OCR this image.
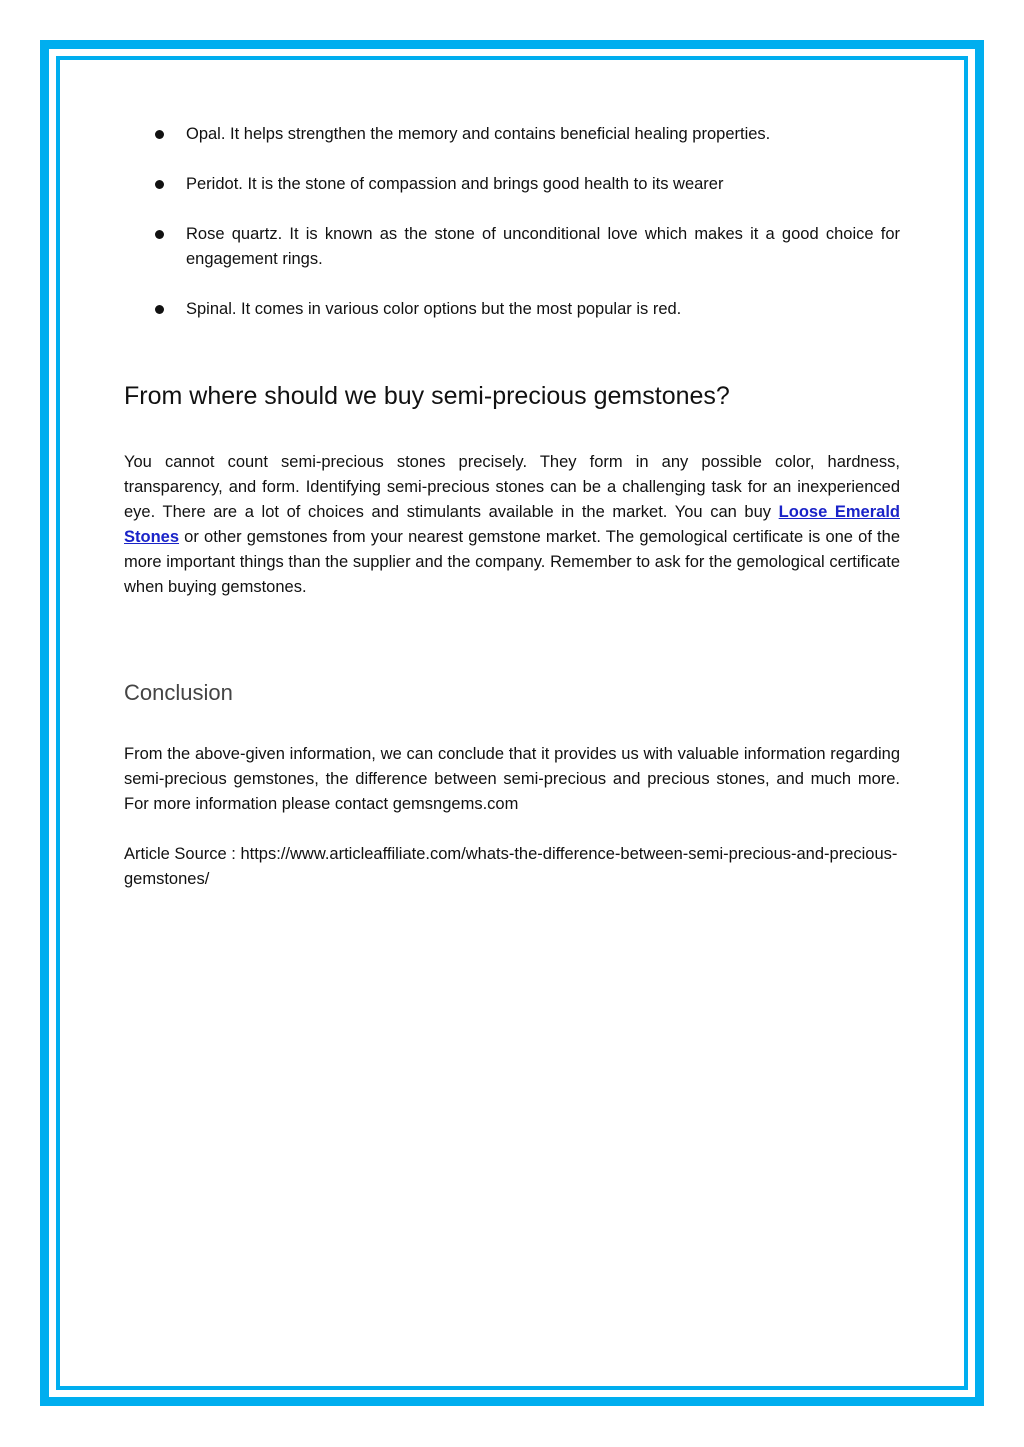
Opal. It helps strengthen the memory and contains beneficial healing properties.
Peridot. It is the stone of compassion and brings good health to its wearer
Rose quartz. It is known as the stone of unconditional love which makes it a good choice for engagement rings.
Spinal. It comes in various color options but the most popular is red.
From where should we buy semi-precious gemstones?

You cannot count semi-precious stones precisely. They form in any possible color, hardness, transparency, and form. Identifying semi-precious stones can be a challenging task for an inexperienced eye. There are a lot of choices and stimulants available in the market. You can buy Loose Emerald Stones or other gemstones from your nearest gemstone market. The gemological certificate is one of the more important things than the supplier and the company. Remember to ask for the gemological certificate when buying gemstones.

Conclusion

From the above-given information, we can conclude that it provides us with valuable information regarding semi-precious gemstones, the difference between semi-precious and precious stones, and much more. For more information please contact gemsngems.com

Article Source : https://www.articleaffiliate.com/whats-the-difference-between-semi-precious-and-precious-gemstones/
